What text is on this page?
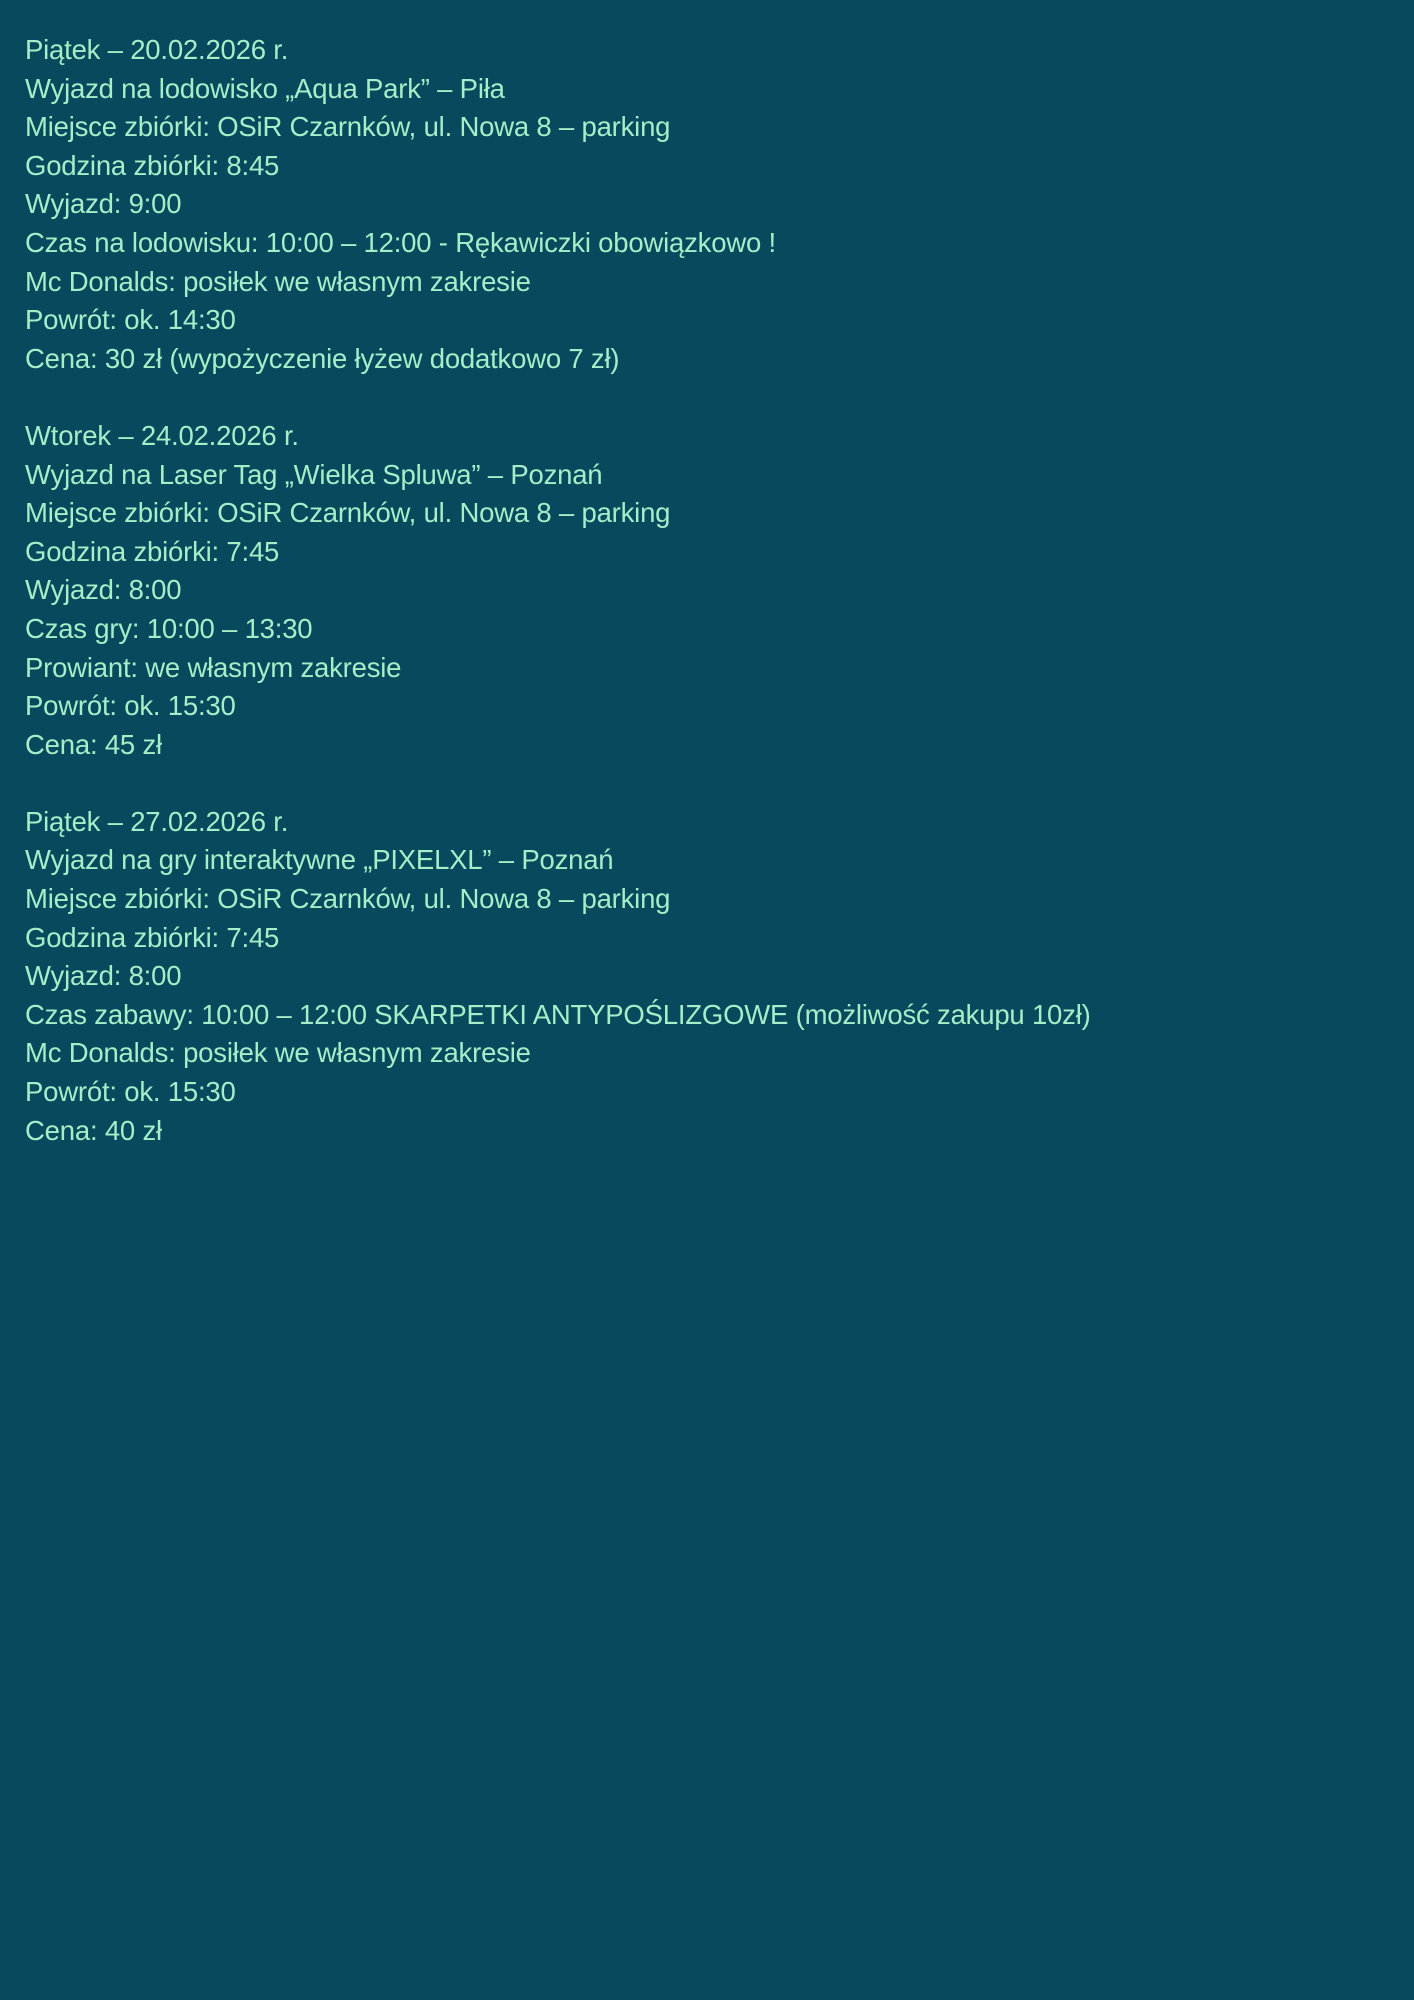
Piątek – 20.02.2026 r.
Wyjazd na lodowisko „Aqua Park” – Piła
Miejsce zbiórki: OSiR Czarnków, ul. Nowa 8 – parking
Godzina zbiórki: 8:45
Wyjazd: 9:00
Czas na lodowisku: 10:00 – 12:00 - Rękawiczki obowiązkowo !
Mc Donalds: posiłek we własnym zakresie
Powrót: ok. 14:30
Cena: 30 zł (wypożyczenie łyżew dodatkowo 7 zł)
Wtorek – 24.02.2026 r.
Wyjazd na Laser Tag „Wielka Spluwa” – Poznań
Miejsce zbiórki: OSiR Czarnków, ul. Nowa 8 – parking
Godzina zbiórki: 7:45
Wyjazd: 8:00
Czas gry: 10:00 – 13:30
Prowiant: we własnym zakresie
Powrót: ok. 15:30
Cena: 45 zł
Piątek – 27.02.2026 r.
Wyjazd na gry interaktywne „PIXELXL” – Poznań
Miejsce zbiórki: OSiR Czarnków, ul. Nowa 8 – parking
Godzina zbiórki: 7:45
Wyjazd: 8:00
Czas zabawy: 10:00 – 12:00 SKARPETKI ANTYPOŚLIZGOWE (możliwość zakupu 10zł)
Mc Donalds: posiłek we własnym zakresie
Powrót: ok. 15:30
Cena: 40 zł
